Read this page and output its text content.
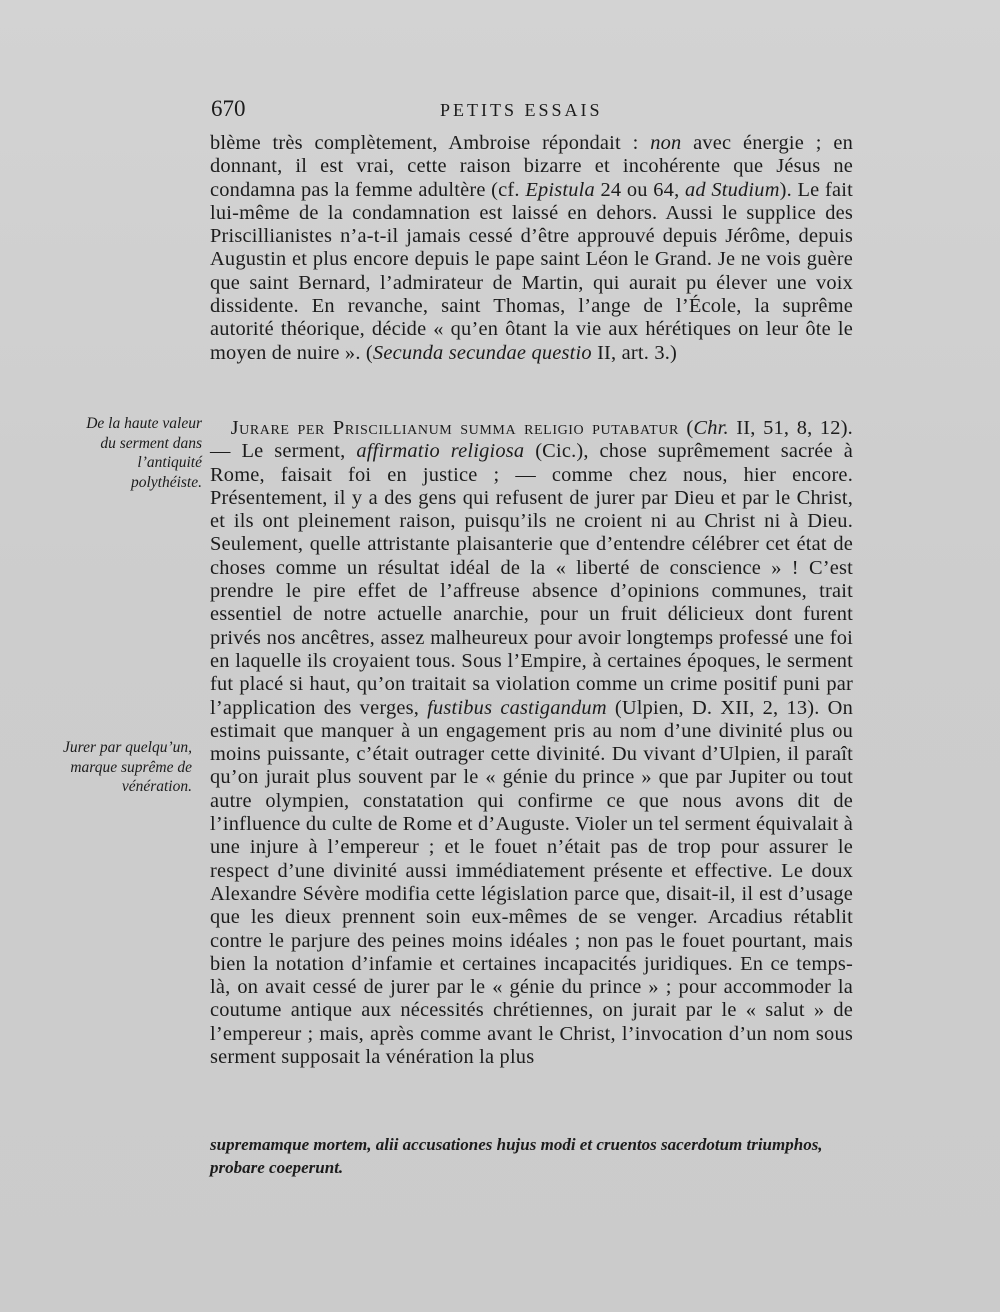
670	PETITS ESSAIS

blème très complètement, Ambroise répondait : non avec énergie ; en donnant, il est vrai, cette raison bizarre et incohérente que Jésus ne condamna pas la femme adultère (cf. Epistula 24 ou 64, ad Studium). Le fait lui-même de la condamnation est laissé en dehors. Aussi le supplice des Priscillianistes n’a-t-il jamais cessé d’être approuvé depuis Jérôme, depuis Augustin et plus encore depuis le pape saint Léon le Grand. Je ne vois guère que saint Bernard, l’admirateur de Martin, qui aurait pu élever une voix dissidente. En revanche, saint Thomas, l’ange de l’École, la suprême autorité théorique, décide « qu’en ôtant la vie aux hérétiques on leur ôte le moyen de nuire ». (Secunda secundae questio II, art. 3.)

 Jurare per Priscillianum summa religio putabatur (Chr. II, 51, 8, 12). — Le serment, affirmatio religiosa (Cic.), chose suprêmement sacrée à Rome, faisait foi en justice ; — comme chez nous, hier encore. Présentement, il y a des gens qui refusent de jurer par Dieu et par le Christ, et ils ont pleinement raison, puisqu’ils ne croient ni au Christ ni à Dieu. Seulement, quelle attristante plaisanterie que d’entendre célébrer cet état de choses comme un résultat idéal de la « liberté de conscience » ! C’est prendre le pire effet de l’affreuse absence d’opinions communes, trait essentiel de notre actuelle anarchie, pour un fruit délicieux dont furent privés nos ancêtres, assez malheureux pour avoir longtemps professé une foi en laquelle ils croyaient tous. Sous l’Empire, à certaines époques, le serment fut placé si haut, qu’on traitait sa violation comme un crime positif puni par l’application des verges, fustibus castigandum (Ulpien, D. XII, 2, 13). On estimait que manquer à un engagement pris au nom d’une divinité plus ou moins puissante, c’était outrager cette divinité. Du vivant d’Ulpien, il paraît qu’on jurait plus souvent par le « génie du prince » que par Jupiter ou tout autre olympien, constatation qui confirme ce que nous avons dit de l’influence du culte de Rome et d’Auguste. Violer un tel serment équivalait à une injure à l’empereur ; et le fouet n’était pas de trop pour assurer le respect d’une divinité aussi immédiatement présente et effective. Le doux Alexandre Sévère modifia cette législation parce que, disait-il, il est d’usage que les dieux prennent soin eux-mêmes de se venger. Arcadius rétablit contre le parjure des peines moins idéales ; non pas le fouet pourtant, mais bien la notation d’infamie et certaines incapacités juridiques. En ce temps-là, on avait cessé de jurer par le « génie du prince » ; pour accommoder la coutume antique aux nécessités chrétiennes, on jurait par le « salut » de l’empereur ; mais, après comme avant le Christ, l’invocation d’un nom sous serment supposait la vénération la plus

De la haute valeur du serment dans l’antiquité polythéiste.
Jurer par quelqu’un, marque suprême de vénération.

supremamque mortem, alii accusationes hujus modi et cruentos sacerdotum triumphos, probare coeperunt.
